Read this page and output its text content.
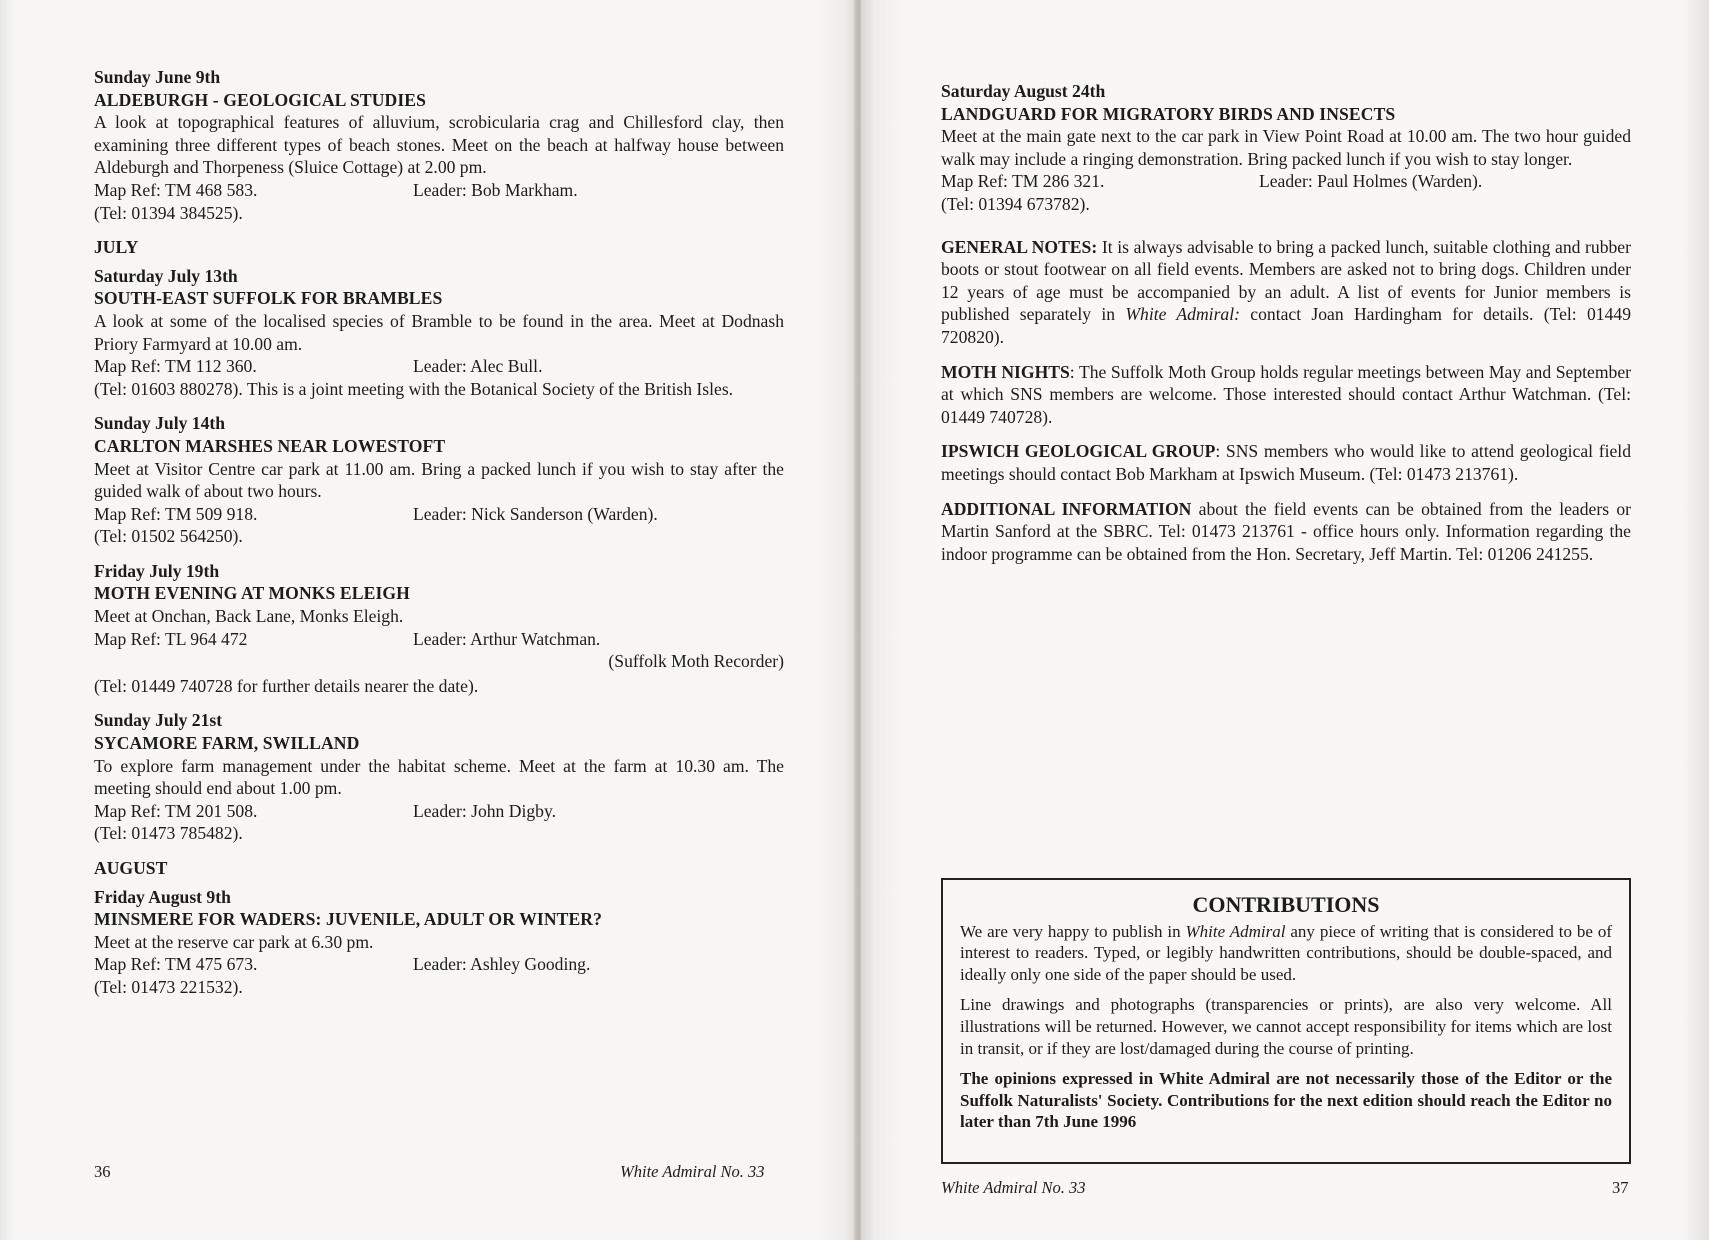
Sunday June 9th
ALDEBURGH - GEOLOGICAL STUDIES
A look at topographical features of alluvium, scrobicularia crag and Chillesford clay, then examining three different types of beach stones. Meet on the beach at halfway house between Aldeburgh and Thorpeness (Sluice Cottage) at 2.00 pm.
Map Ref: TM 468 583.	Leader: Bob Markham.
(Tel: 01394 384525).
JULY
Saturday July 13th
SOUTH-EAST SUFFOLK FOR BRAMBLES
A look at some of the localised species of Bramble to be found in the area. Meet at Dodnash Priory Farmyard at 10.00 am.
Map Ref: TM 112 360.	Leader: Alec Bull.
(Tel: 01603 880278). This is a joint meeting with the Botanical Society of the British Isles.
Sunday July 14th
CARLTON MARSHES NEAR LOWESTOFT
Meet at Visitor Centre car park at 11.00 am. Bring a packed lunch if you wish to stay after the guided walk of about two hours.
Map Ref: TM 509 918.	Leader: Nick Sanderson (Warden).
(Tel: 01502 564250).
Friday July 19th
MOTH EVENING AT MONKS ELEIGH
Meet at Onchan, Back Lane, Monks Eleigh.
Map Ref: TL 964 472	Leader: Arthur Watchman.
(Suffolk Moth Recorder)
(Tel: 01449 740728 for further details nearer the date).
Sunday July 21st
SYCAMORE FARM, SWILLAND
To explore farm management under the habitat scheme. Meet at the farm at 10.30 am. The meeting should end about 1.00 pm.
Map Ref: TM 201 508.	Leader: John Digby.
(Tel: 01473 785482).
AUGUST
Friday August 9th
MINSMERE FOR WADERS: JUVENILE, ADULT OR WINTER?
Meet at the reserve car park at 6.30 pm.
Map Ref: TM 475 673.	Leader: Ashley Gooding.
(Tel: 01473 221532).
36	White Admiral No. 33
Saturday August 24th
LANDGUARD FOR MIGRATORY BIRDS AND INSECTS
Meet at the main gate next to the car park in View Point Road at 10.00 am. The two hour guided walk may include a ringing demonstration. Bring packed lunch if you wish to stay longer.
Map Ref: TM 286 321.	Leader: Paul Holmes (Warden).
(Tel: 01394 673782).
GENERAL NOTES: It is always advisable to bring a packed lunch, suitable clothing and rubber boots or stout footwear on all field events. Members are asked not to bring dogs. Children under 12 years of age must be accompanied by an adult. A list of events for Junior members is published separately in White Admiral: contact Joan Hardingham for details. (Tel: 01449 720820).
MOTH NIGHTS: The Suffolk Moth Group holds regular meetings between May and September at which SNS members are welcome. Those interested should contact Arthur Watchman. (Tel: 01449 740728).
IPSWICH GEOLOGICAL GROUP: SNS members who would like to attend geological field meetings should contact Bob Markham at Ipswich Museum. (Tel: 01473 213761).
ADDITIONAL INFORMATION about the field events can be obtained from the leaders or Martin Sanford at the SBRC. Tel: 01473 213761 - office hours only. Information regarding the indoor programme can be obtained from the Hon. Secretary, Jeff Martin. Tel: 01206 241255.
CONTRIBUTIONS

We are very happy to publish in White Admiral any piece of writing that is considered to be of interest to readers. Typed, or legibly handwritten contributions, should be double-spaced, and ideally only one side of the paper should be used.

Line drawings and photographs (transparencies or prints), are also very welcome. All illustrations will be returned. However, we cannot accept responsibility for items which are lost in transit, or if they are lost/damaged during the course of printing.

The opinions expressed in White Admiral are not necessarily those of the Editor or the Suffolk Naturalists' Society. Contributions for the next edition should reach the Editor no later than 7th June 1996

White Admiral No. 33	37
